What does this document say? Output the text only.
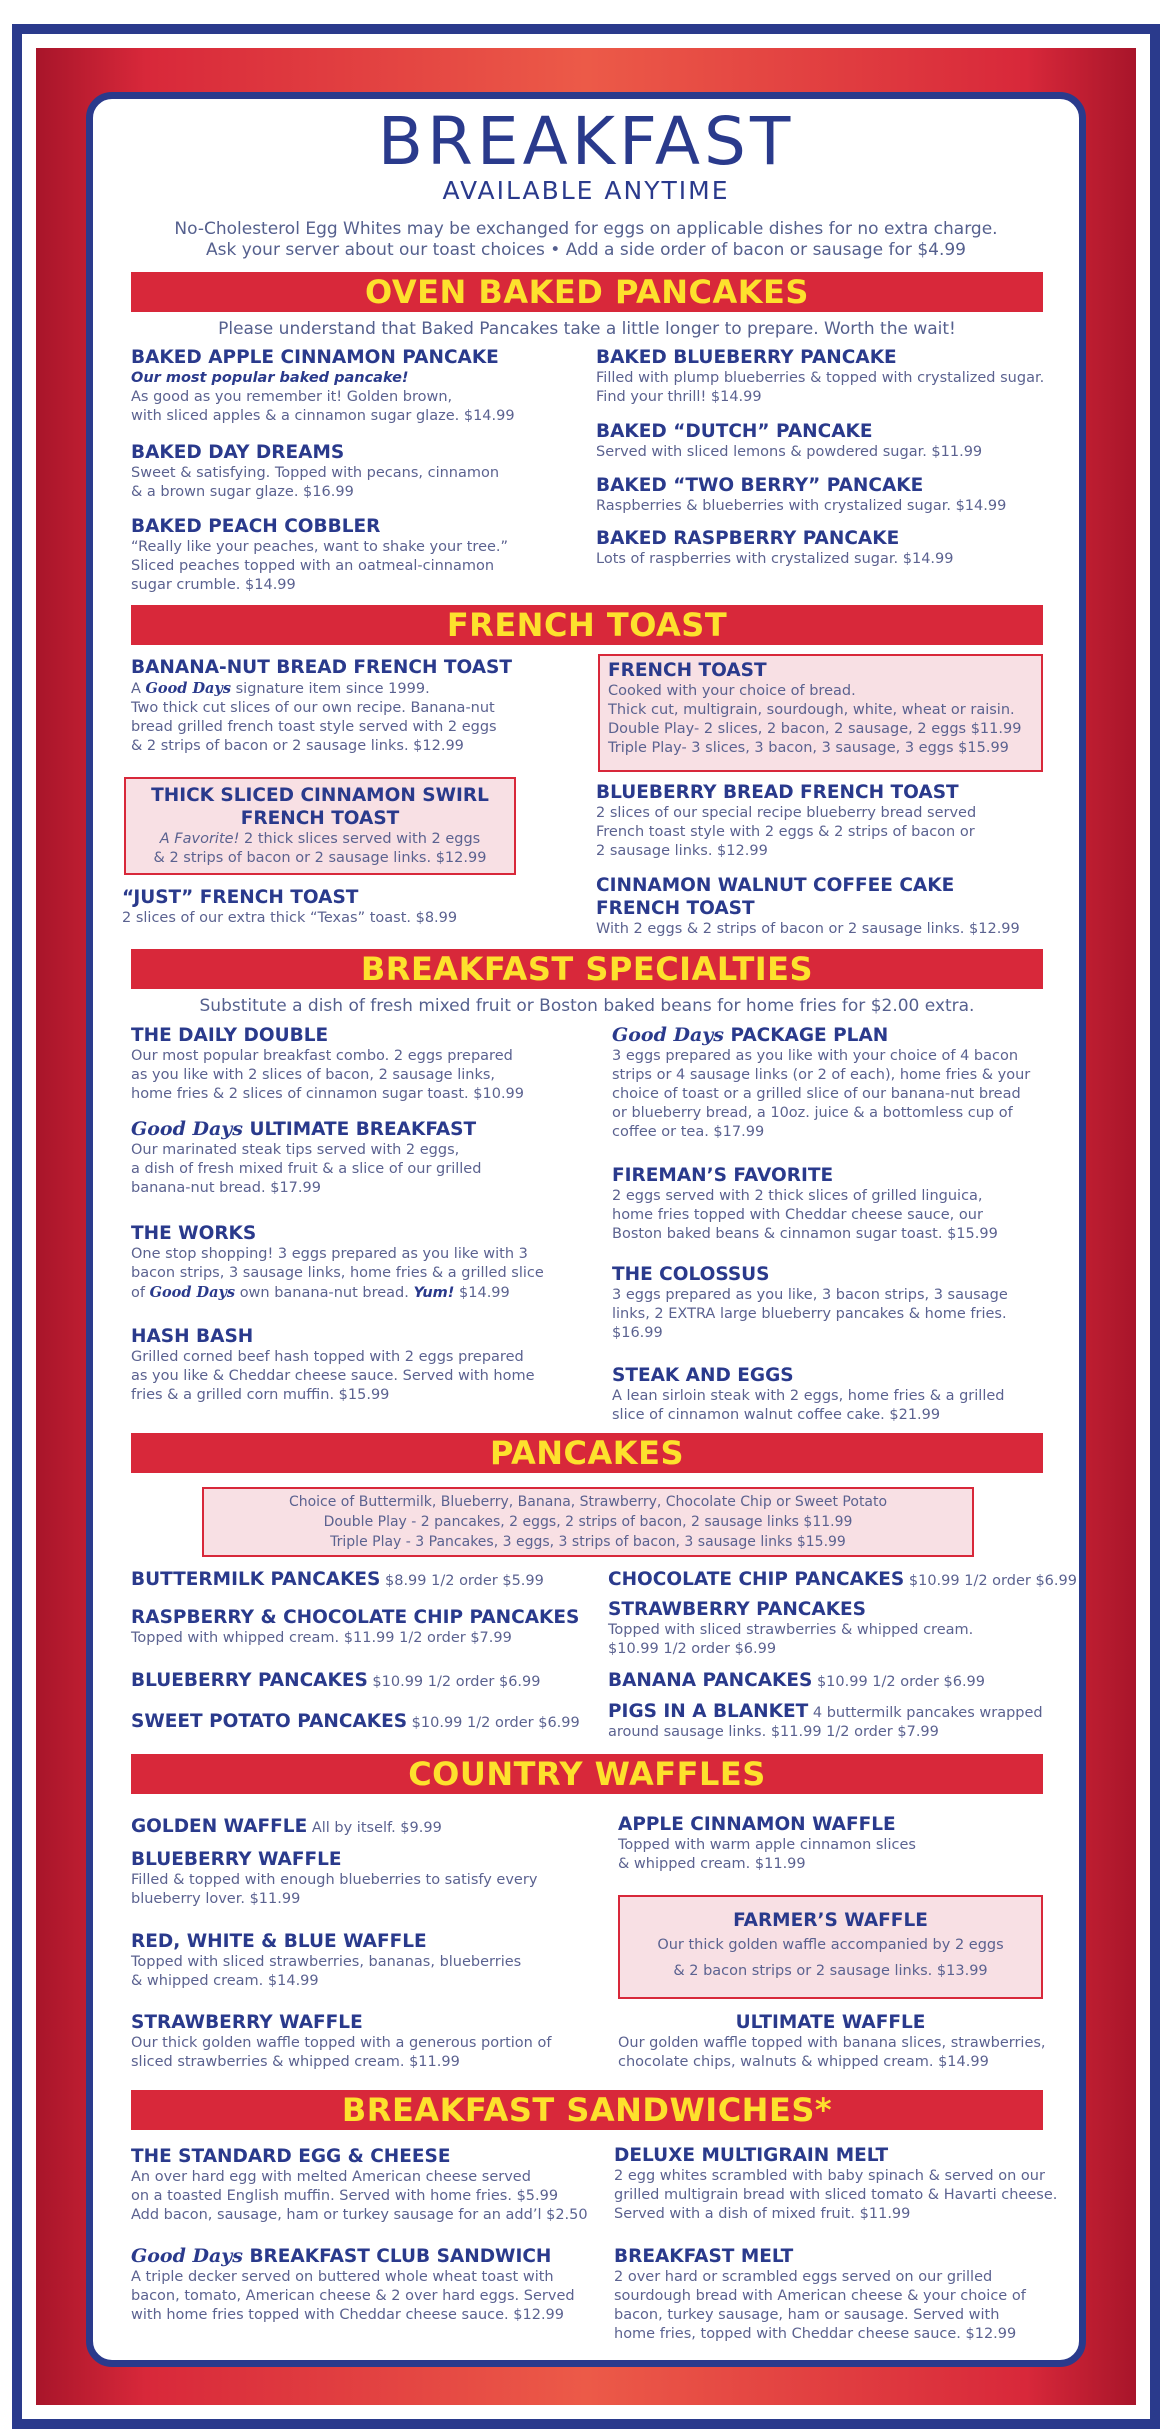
BREAKFAST
AVAILABLE ANYTIME
No-Cholesterol Egg Whites may be exchanged for eggs on applicable dishes for no extra charge.
Ask your server about our toast choices • Add a side order of bacon or sausage for $4.99
OVEN BAKED PANCAKES
Please understand that Baked Pancakes take a little longer to prepare. Worth the wait!
BAKED APPLE CINNAMON PANCAKE
Our most popular baked pancake!
As good as you remember it! Golden brown,
with sliced apples & a cinnamon sugar glaze. $14.99
BAKED DAY DREAMS
Sweet & satisfying. Topped with pecans, cinnamon
& a brown sugar glaze. $16.99
BAKED PEACH COBBLER
“Really like your peaches, want to shake your tree.”
Sliced peaches topped with an oatmeal-cinnamon
sugar crumble. $14.99
BAKED BLUEBERRY PANCAKE
Filled with plump blueberries & topped with crystalized sugar.
Find your thrill! $14.99
BAKED “DUTCH” PANCAKE
Served with sliced lemons & powdered sugar. $11.99
BAKED “TWO BERRY” PANCAKE
Raspberries & blueberries with crystalized sugar. $14.99
BAKED RASPBERRY PANCAKE
Lots of raspberries with crystalized sugar. $14.99
FRENCH TOAST
BANANA-NUT BREAD FRENCH TOAST
A Good Days signature item since 1999.
Two thick cut slices of our own recipe. Banana-nut
bread grilled french toast style served with 2 eggs
& 2 strips of bacon or 2 sausage links. $12.99
THICK SLICED CINNAMON SWIRL
FRENCH TOAST
A Favorite! 2 thick slices served with 2 eggs
& 2 strips of bacon or 2 sausage links. $12.99
“JUST” FRENCH TOAST
2 slices of our extra thick “Texas” toast. $8.99
FRENCH TOAST
Cooked with your choice of bread.
Thick cut, multigrain, sourdough, white, wheat or raisin.
Double Play- 2 slices, 2 bacon, 2 sausage, 2 eggs $11.99
Triple Play- 3 slices, 3 bacon, 3 sausage, 3 eggs $15.99
BLUEBERRY BREAD FRENCH TOAST
2 slices of our special recipe blueberry bread served
French toast style with 2 eggs & 2 strips of bacon or
2 sausage links. $12.99
CINNAMON WALNUT COFFEE CAKE
FRENCH TOAST
With 2 eggs & 2 strips of bacon or 2 sausage links. $12.99
BREAKFAST SPECIALTIES
Substitute a dish of fresh mixed fruit or Boston baked beans for home fries for $2.00 extra.
THE DAILY DOUBLE
Our most popular breakfast combo. 2 eggs prepared
as you like with 2 slices of bacon, 2 sausage links,
home fries & 2 slices of cinnamon sugar toast. $10.99
Good Days ULTIMATE BREAKFAST
Our marinated steak tips served with 2 eggs,
a dish of fresh mixed fruit & a slice of our grilled
banana-nut bread. $17.99
THE WORKS
One stop shopping! 3 eggs prepared as you like with 3
bacon strips, 3 sausage links, home fries & a grilled slice
of Good Days own banana-nut bread. Yum! $14.99
HASH BASH
Grilled corned beef hash topped with 2 eggs prepared
as you like & Cheddar cheese sauce. Served with home
fries & a grilled corn muffin. $15.99
Good Days PACKAGE PLAN
3 eggs prepared as you like with your choice of 4 bacon
strips or 4 sausage links (or 2 of each), home fries & your
choice of toast or a grilled slice of our banana-nut bread
or blueberry bread, a 10oz. juice & a bottomless cup of
coffee or tea. $17.99
FIREMAN’S FAVORITE
2 eggs served with 2 thick slices of grilled linguica,
home fries topped with Cheddar cheese sauce, our
Boston baked beans & cinnamon sugar toast. $15.99
THE COLOSSUS
3 eggs prepared as you like, 3 bacon strips, 3 sausage
links, 2 EXTRA large blueberry pancakes & home fries.
$16.99
STEAK AND EGGS
A lean sirloin steak with 2 eggs, home fries & a grilled
slice of cinnamon walnut coffee cake. $21.99
PANCAKES
Choice of Buttermilk, Blueberry, Banana, Strawberry, Chocolate Chip or Sweet Potato
Double Play - 2 pancakes, 2 eggs, 2 strips of bacon, 2 sausage links $11.99
Triple Play - 3 Pancakes, 3 eggs, 3 strips of bacon, 3 sausage links $15.99
BUTTERMILK PANCAKES $8.99 1/2 order $5.99
RASPBERRY & CHOCOLATE CHIP PANCAKES
Topped with whipped cream. $11.99 1/2 order $7.99
BLUEBERRY PANCAKES $10.99 1/2 order $6.99
SWEET POTATO PANCAKES $10.99 1/2 order $6.99
CHOCOLATE CHIP PANCAKES $10.99 1/2 order $6.99
STRAWBERRY PANCAKES
Topped with sliced strawberries & whipped cream.
$10.99 1/2 order $6.99
BANANA PANCAKES $10.99 1/2 order $6.99
PIGS IN A BLANKET 4 buttermilk pancakes wrapped
around sausage links. $11.99 1/2 order $7.99
COUNTRY WAFFLES
GOLDEN WAFFLE All by itself. $9.99
BLUEBERRY WAFFLE
Filled & topped with enough blueberries to satisfy every
blueberry lover. $11.99
RED, WHITE & BLUE WAFFLE
Topped with sliced strawberries, bananas, blueberries
& whipped cream. $14.99
STRAWBERRY WAFFLE
Our thick golden waffle topped with a generous portion of
sliced strawberries & whipped cream. $11.99
APPLE CINNAMON WAFFLE
Topped with warm apple cinnamon slices
& whipped cream. $11.99
FARMER’S WAFFLE
Our thick golden waffle accompanied by 2 eggs
& 2 bacon strips or 2 sausage links. $13.99
ULTIMATE WAFFLE
Our golden waffle topped with banana slices, strawberries,
chocolate chips, walnuts & whipped cream. $14.99
BREAKFAST SANDWICHES*
THE STANDARD EGG & CHEESE
An over hard egg with melted American cheese served
on a toasted English muffin. Served with home fries. $5.99
Add bacon, sausage, ham or turkey sausage for an add’l $2.50
Good Days BREAKFAST CLUB SANDWICH
A triple decker served on buttered whole wheat toast with
bacon, tomato, American cheese & 2 over hard eggs. Served
with home fries topped with Cheddar cheese sauce. $12.99
DELUXE MULTIGRAIN MELT
2 egg whites scrambled with baby spinach & served on our
grilled multigrain bread with sliced tomato & Havarti cheese.
Served with a dish of mixed fruit. $11.99
BREAKFAST MELT
2 over hard or scrambled eggs served on our grilled
sourdough bread with American cheese & your choice of
bacon, turkey sausage, ham or sausage. Served with
home fries, topped with Cheddar cheese sauce. $12.99
